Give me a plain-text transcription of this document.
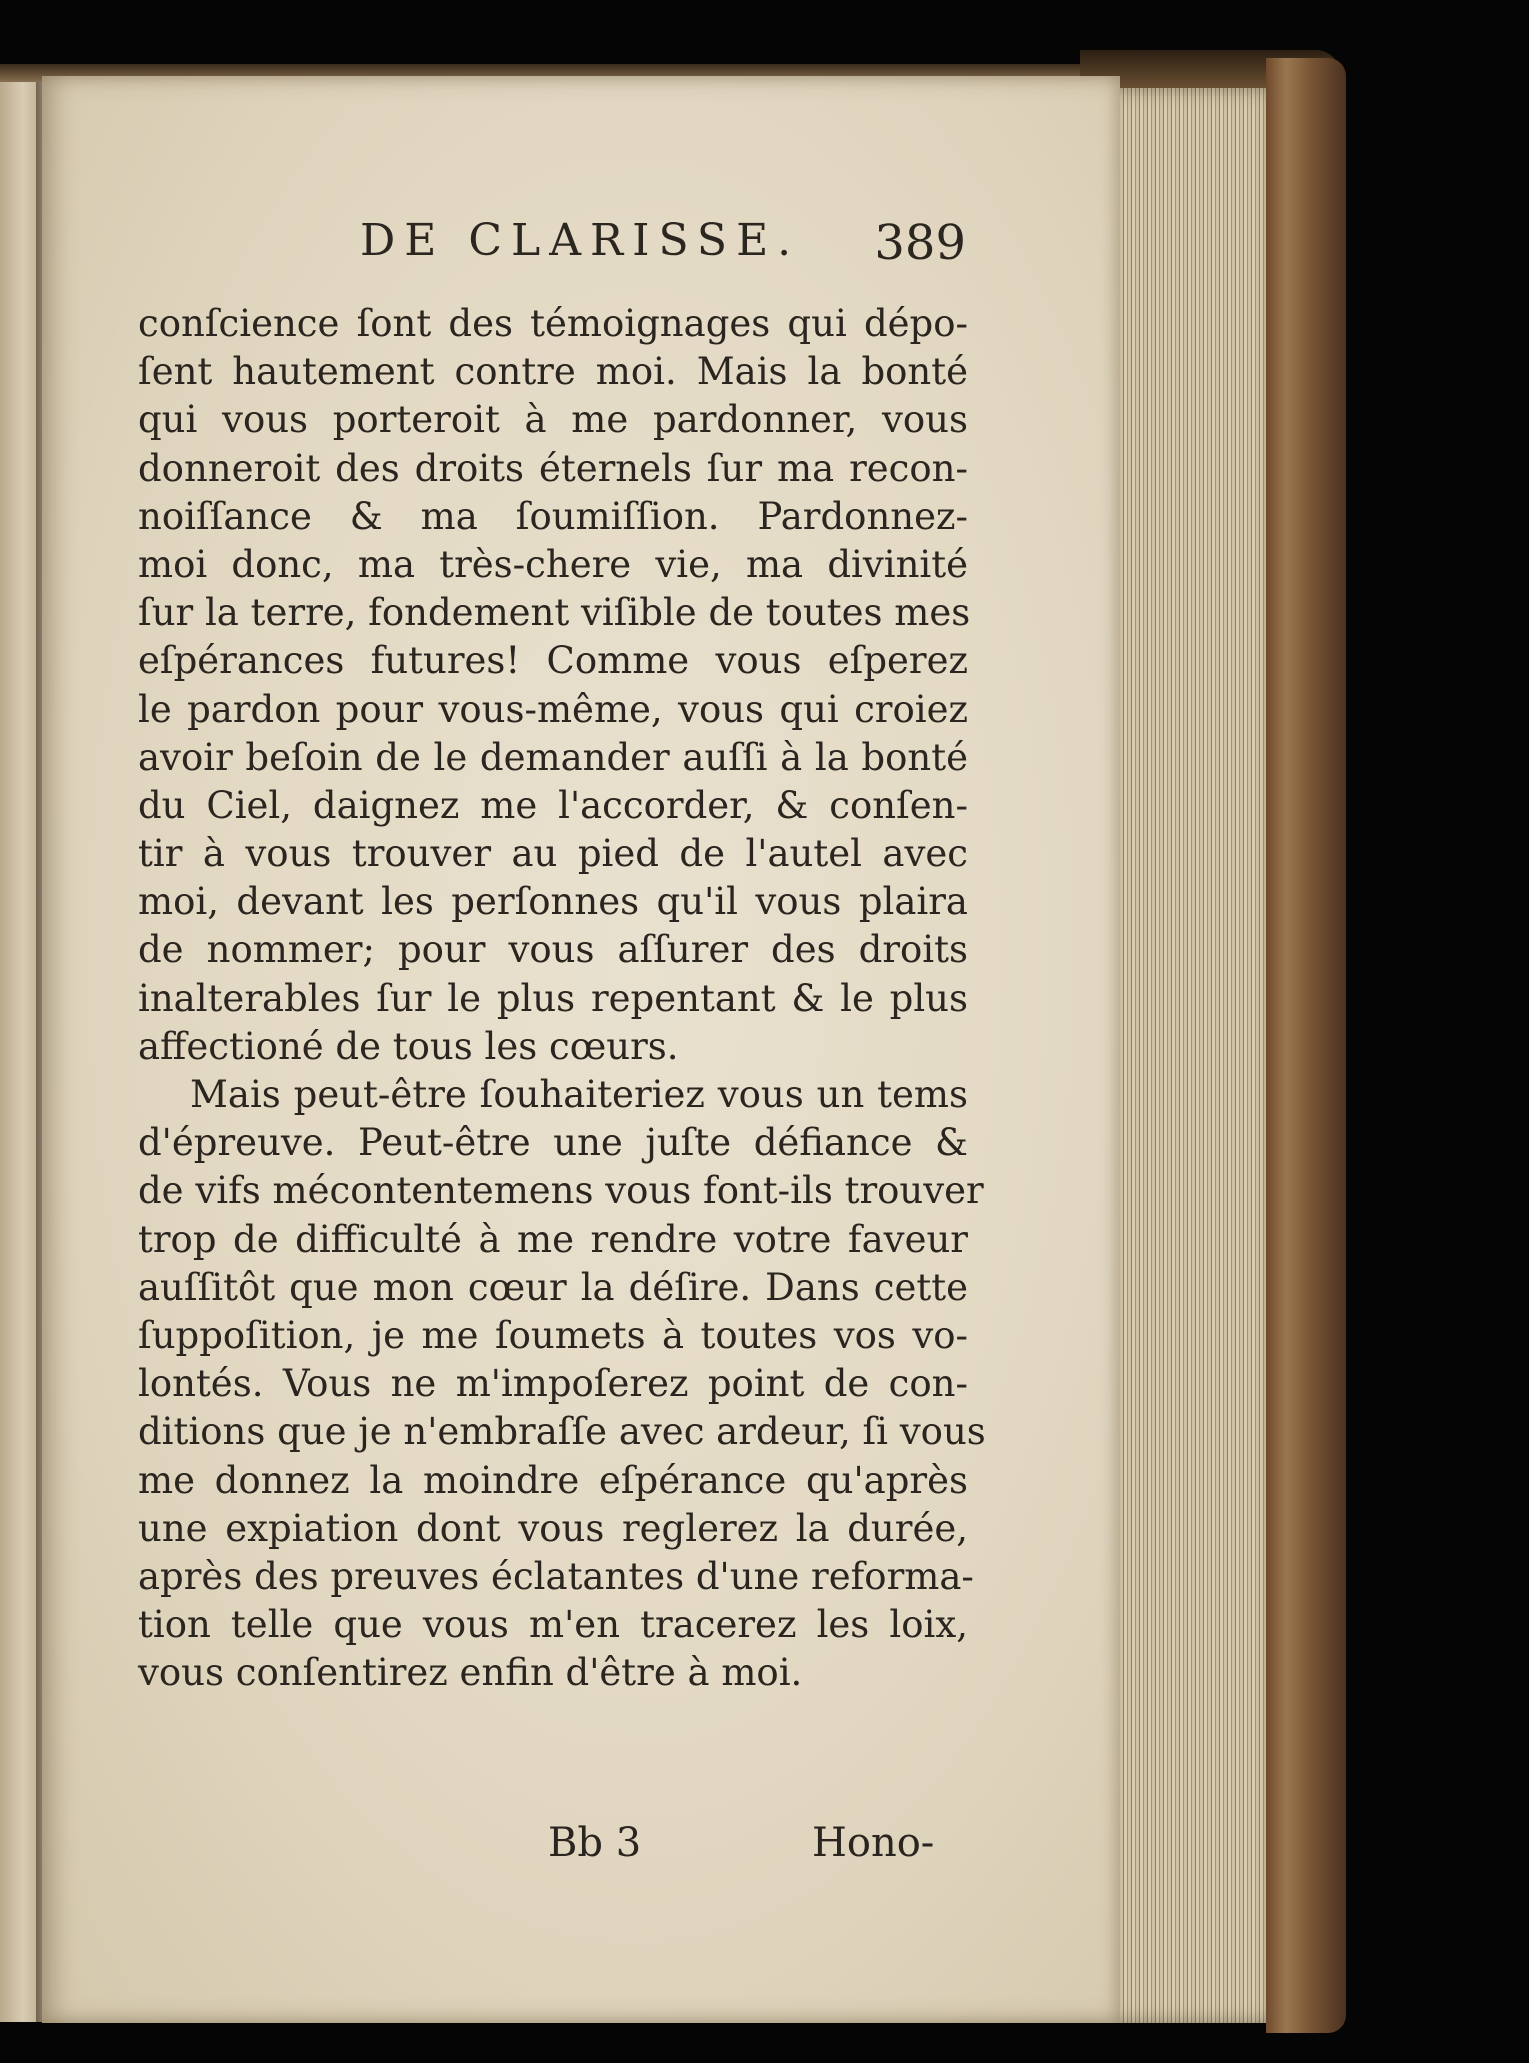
DE CLARISSE.	389
conſcience ſont des témoignages qui dépo-
ſent hautement contre moi. Mais la bonté
qui vous porteroit à me pardonner, vous
donneroit des droits éternels ſur ma recon-
noiſſance & ma ſoumiſſion. Pardonnez-
moi donc, ma très-chere vie, ma divinité
ſur la terre, fondement viſible de toutes mes
eſpérances futures! Comme vous eſperez
le pardon pour vous-même, vous qui croiez
avoir beſoin de le demander auſſi à la bonté
du Ciel, daignez me l'accorder, & conſen-
tir à vous trouver au pied de l'autel avec
moi, devant les perſonnes qu'il vous plaira
de nommer; pour vous aſſurer des droits
inalterables ſur le plus repentant & le plus
affectioné de tous les cœurs.
Mais peut-être ſouhaiteriez vous un tems
d'épreuve. Peut-être une juſte défiance &
de vifs mécontentemens vous font-ils trouver
trop de difficulté à me rendre votre faveur
auſſitôt que mon cœur la déſire. Dans cette
ſuppoſition, je me ſoumets à toutes vos vo-
lontés. Vous ne m'impoſerez point de con-
ditions que je n'embraſſe avec ardeur, ſi vous
me donnez la moindre eſpérance qu'après
une expiation dont vous reglerez la durée,
après des preuves éclatantes d'une reforma-
tion telle que vous m'en tracerez les loix,
vous conſentirez enfin d'être à moi.
Bb 3	Hono-
